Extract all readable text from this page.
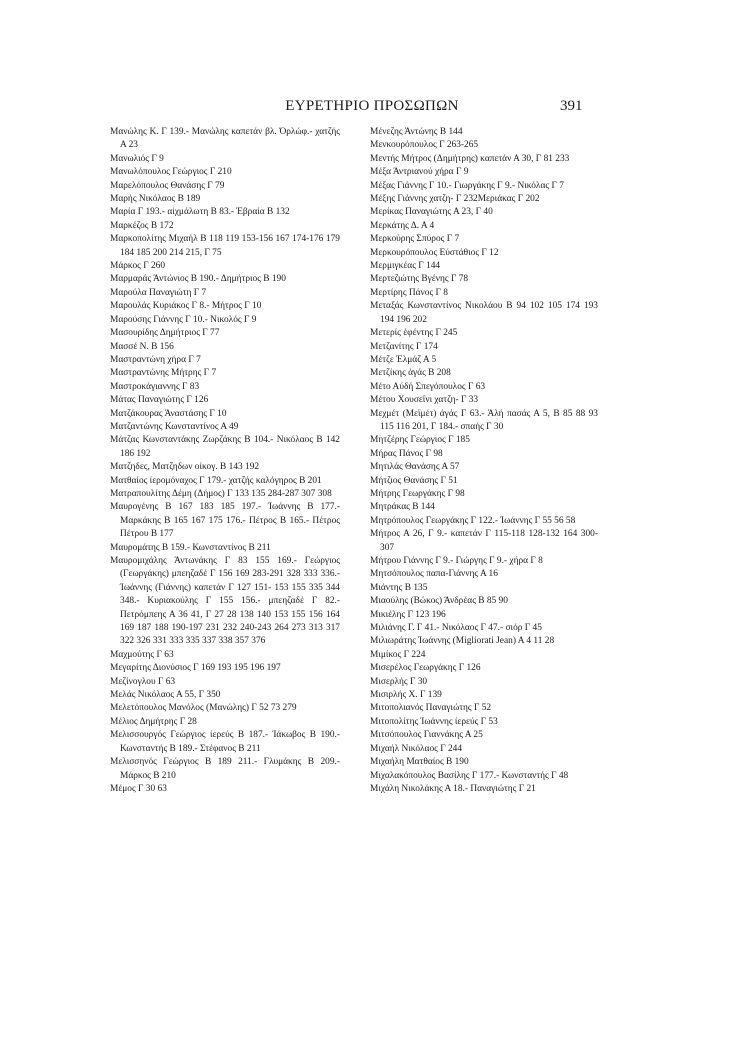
ΕΥΡΕΤΗΡΙΟ ΠΡΟΣΩΠΩΝ	391
Μανώλης Κ. Γ 139.- Μανώλης καπετάν βλ. Όρλώφ.- χατζής Α 23
Μανωλιός Γ 9
Μανωλόπουλος Γεώργιος Γ 210
Μαρελόπουλος Θανάσης Γ 79
Μαρής Νικόλαος Β 189
Μαρία Γ 193.- αίχμάλωτη Β 83.- Έβραία Β 132
Μαρκέζος Β 172
Μαρκοπολίτης Μιχαήλ Β 118 119 153-156 167 174-176 179 184 185 200 214 215, Γ 75
Μάρκος Γ 260
Μαρμαράς Άντώνιος Β 190.- Δημήτριος Β 190
Μαρούλα Παναγιώτη Γ 7
Μαρουλάς Κυριάκος Γ 8.- Μήτρος Γ 10
Μαρούσης Γιάννης Γ 10.- Νικολός Γ 9
Μασουρίδης Δημήτριος Γ 77
Μασσέ Ν. Β 156
Μαστραντώνη χήρα Γ 7
Μαστραντώνης Μήτρης Γ 7
Μαστροκάγιαννης Γ 83
Μάτας Παναγιώτης Γ 126
Ματζάκουρας Άναστάσης Γ 10
Ματζαντώνης Κωνσταντίνος Α 49
Μάτζας Κωνσταντάκης Ζωρζάκης Β 104.- Νικόλαος Β 142 186 192
Ματζηδες, Ματζηδων οίκογ. Β 143 192
Ματθαίος ίερομόναχος Γ 179.- χατζής καλόγηρος Β 201
Ματραπουλίτης Δέμη (Δήμος) Γ 133 135 284-287 307 308
Μαυρογένης Β 167 183 185 197.- Ίωάννης Β 177.- Μαρκάκης Β 165 167 175 176.- Πέτρος Β 165.- Πέτρος Πέτρου Β 177
Μαυρομάτης Β 159.- Κωνσταντίνος Β 211
Μαυρομιχάλης Άντωνάκης Γ 83 155 169.- Γεώργιος (Γεωργάκης) μπεηζαδέ Γ 156 169 283-291 328 333 336.- Ίωάννης (Γιάννης) καπετάν Γ 127 151- 153 155 335 344 348.- Κυριακούλης Γ 155 156.- μπεηζαδέ Γ 82.- Πετρόμπεης Α 36 41, Γ 27 28 138 140 153 155 156 164 169 187 188 190-197 231 232 240-243 264 273 313 317 322 326 331 333 335 337 338 357 376
Μαχμούτης Γ 63
Μεγαρίτης Διονύσιος Γ 169 193 195 196 197
Μεζίνογλου Γ 63
Μελάς Νικόλαος Α 55, Γ 350
Μελετόπουλος Μανόλος (Μανώλης) Γ 52 73 279
Μέλιος Δημήτρης Γ 28
Μελισσουργός Γεώργιος ίερεύς Β 187.- Ίάκωβος Β 190.- Κωνσταντής Β 189.- Στέφανος Β 211
Μελισσηνός Γεώργιος Β 189 211.- Γλυμάκης Β 209.- Μάρκος Β 210
Μέμος Γ 30 63
Μένεζης Άντώνης Β 144
Μενκουρόπουλος Γ 263-265
Μεντής Μήτρος (Δημήτρης) καπετάν Α 30, Γ 81 233
Μέξα Άντριανού χήρα Γ 9
Μέξας Γιάννης Γ 10.- Γιωργάκης Γ 9.- Νικόλας Γ 7
Μέξης Γιάννης χατζη- Γ 232Μεριάκας Γ 202
Μερίκας Παναγιώτης Α 23, Γ 40
Μερκάτης Δ. Α 4
Μερκούρης Σπύρος Γ 7
Μερκουρόπουλος Εύστάθιος Γ 12
Μερμιγκέας Γ 144
Μερτεζιώτης Βγένης Γ 78
Μερτίρης Πάνος Γ 8
Μεταξάς Κωνσταντίνος Νικολάου Β 94 102 105 174 193 194 196 202
Μετερίς έφέντης Γ 245
Μετζανίτης Γ 174
Μέτζε Έλμάζ Α 5
Μετζίκης άγάς Β 208
Μέτο Αύδή Σπεγόπουλος Γ 63
Μέτου Χουσεΐνι χατζη- Γ 33
Μεχμέτ (Μεϊμέτ) άγάς Γ 63.- Άλή πασάς Α 5, Β 85 88 93 115 116 201, Γ 184.- σπαής Γ 30
Μητζέρης Γεώργιος Γ 185
Μήρας Πάνος Γ 98
Μητιλάς Θανάσης Α 57
Μήτζιος Θανάσης Γ 51
Μήτρης Γεωργάκης Γ 98
Μητράκας Β 144
Μητρόπουλος Γεωργάκης Γ 122.- Ίωάννης Γ 55 56 58
Μήτρος Α 26, Γ 9.- καπετάν Γ 115-118 128-132 164 300-307
Μήτρου Γιάννης Γ 9.- Γιώργης Γ 9.- χήρα Γ 8
Μητσόπουλος παπα-Γιάννης Α 16
Μιάντης Β 135
Μιαούλης (Βώκος) Άνδρέας Β 85 90
Μικιέλης Γ 123 196
Μιλιάνης Γ. Γ 41.- Νικόλαος Γ 47.- σιόρ Γ 45
Μιλιωράτης Ίωάννης (Migliorati Jean) Α 4 11 28
Μιμίκος Γ 224
Μισερέλος Γεωργάκης Γ 126
Μισερλής Γ 30
Μισιρλής Χ. Γ 139
Μιτοπολιανός Παναγιώτης Γ 52
Μιτοπολίτης Ίωάννης ίερεύς Γ 53
Μιτσόπουλος Γιαννάκης Α 25
Μιχαήλ Νικόλαος Γ 244
Μιχαήλη Ματθαίος Β 190
Μιχαλακόπουλος Βασίλης Γ 177.- Κωνσταντής Γ 48
Μιχάλη Νικολάκης Α 18.- Παναγιώτης Γ 21
